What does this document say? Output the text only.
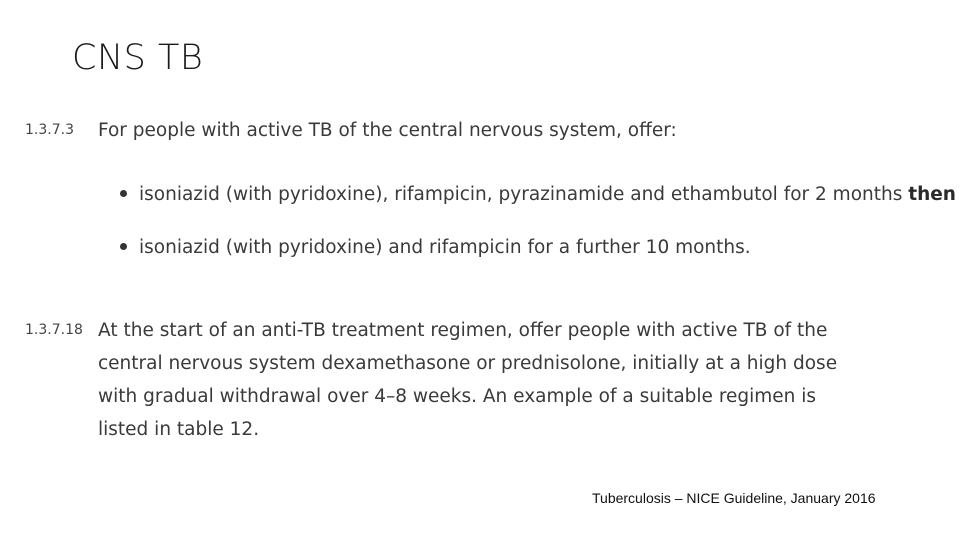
CNS TB
1.3.7.3 For people with active TB of the central nervous system, offer:
isoniazid (with pyridoxine), rifampicin, pyrazinamide and ethambutol for 2 months then
isoniazid (with pyridoxine) and rifampicin for a further 10 months.
1.3.7.18 At the start of an anti-TB treatment regimen, offer people with active TB of the
central nervous system dexamethasone or prednisolone, initially at a high dose
with gradual withdrawal over 4–8 weeks. An example of a suitable regimen is
listed in table 12.
Tuberculosis – NICE Guideline, January 2016
